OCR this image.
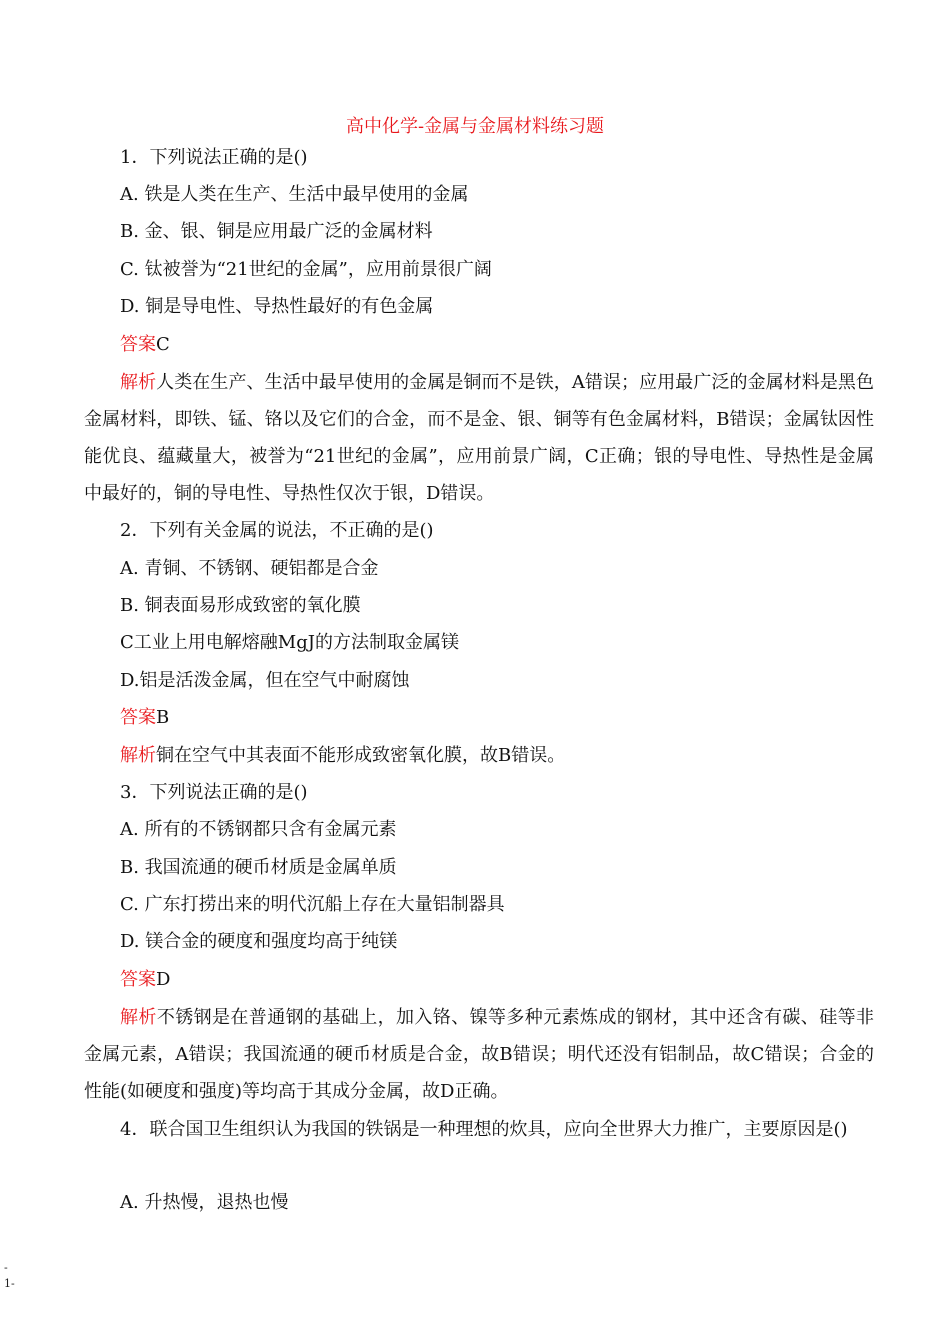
高中化学-金属与金属材料练习题
1．下列说法正确的是()
A. 铁是人类在生产、生活中最早使用的金属
B. 金、银、铜是应用最广泛的金属材料
C. 钛被誉为“21世纪的金属”，应用前景很广阔
D. 铜是导电性、导热性最好的有色金属
答案C
解析人类在生产、生活中最早使用的金属是铜而不是铁，A错误；应用最广泛的金属材料是黑色金属材料，即铁、锰、铬以及它们的合金，而不是金、银、铜等有色金属材料，B错误；金属钛因性能优良、蕴藏量大，被誉为“21世纪的金属”，应用前景广阔，C正确；银的导电性、导热性是金属中最好的，铜的导电性、导热性仅次于银，D错误。
2．下列有关金属的说法，不正确的是()
A. 青铜、不锈钢、硬铝都是合金
B. 铜表面易形成致密的氧化膜
C工业上用电解熔融MgJ的方法制取金属镁
D.铝是活泼金属，但在空气中耐腐蚀
答案B
解析铜在空气中其表面不能形成致密氧化膜，故B错误。
3．下列说法正确的是()
A. 所有的不锈钢都只含有金属元素
B. 我国流通的硬币材质是金属单质
C. 广东打捞出来的明代沉船上存在大量铝制器具
D. 镁合金的硬度和强度均高于纯镁
答案D
解析不锈钢是在普通钢的基础上，加入铬、镍等多种元素炼成的钢材，其中还含有碳、硅等非金属元素，A错误；我国流通的硬币材质是合金，故B错误；明代还没有铝制品，故C错误；合金的性能(如硬度和强度)等均高于其成分金属，故D正确。
4．联合国卫生组织认为我国的铁锅是一种理想的炊具，应向全世界大力推广，主要原因是()
A. 升热慢，退热也慢
-
1-
